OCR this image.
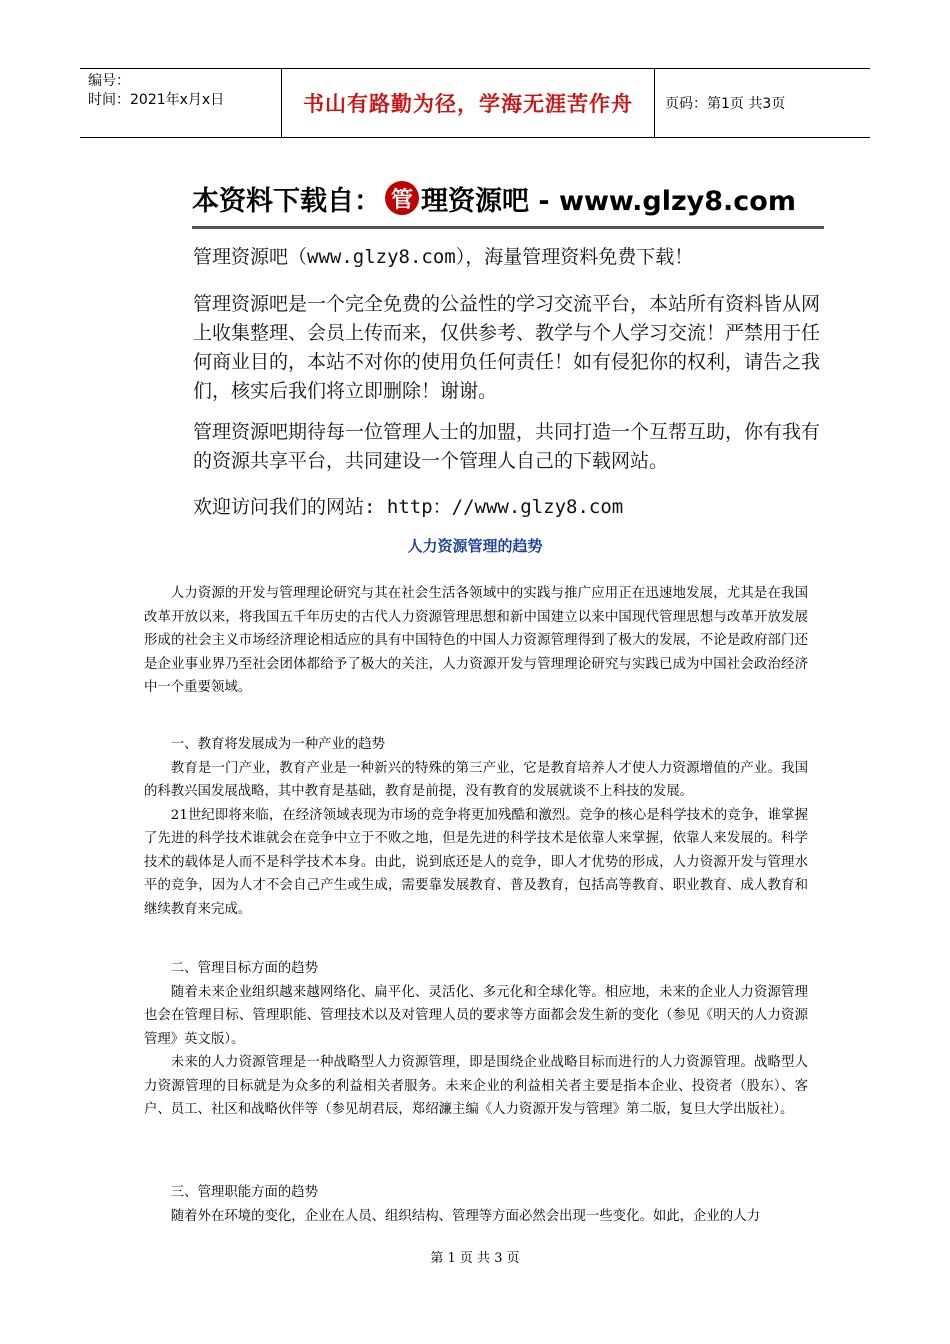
编号：
时间：2021年x月x日	书山有路勤为径，学海无涯苦作舟	页码：第1页 共3页
本资料下载自： 管 理资源吧 - www.glzy8.com

管理资源吧（www.glzy8.com），海量管理资料免费下载！

管理资源吧是一个完全免费的公益性的学习交流平台，本站所有资料皆从网上收集整理、会员上传而来，仅供参考、教学与个人学习交流！严禁用于任何商业目的，本站不对你的使用负任何责任！如有侵犯你的权利，请告之我们，核实后我们将立即删除！谢谢。

管理资源吧期待每一位管理人士的加盟，共同打造一个互帮互助，你有我有的资源共享平台，共同建设一个管理人自己的下载网站。

欢迎访问我们的网站: http：//www.glzy8.com

人力资源管理的趋势

人力资源的开发与管理理论研究与其在社会生活各领域中的实践与推广应用正在迅速地发展，尤其是在我国改革开放以来，将我国五千年历史的古代人力资源管理思想和新中国建立以来中国现代管理思想与改革开放发展形成的社会主义市场经济理论相适应的具有中国特色的中国人力资源管理得到了极大的发展，不论是政府部门还是企业事业界乃至社会团体都给予了极大的关注，人力资源开发与管理理论研究与实践已成为中国社会政治经济中一个重要领域。

一、教育将发展成为一种产业的趋势

教育是一门产业，教育产业是一种新兴的特殊的第三产业，它是教育培养人才使人力资源增值的产业。我国的科教兴国发展战略，其中教育是基础，教育是前提，没有教育的发展就谈不上科技的发展。

21世纪即将来临，在经济领域表现为市场的竞争将更加残酷和激烈。竞争的核心是科学技术的竞争，谁掌握了先进的科学技术谁就会在竞争中立于不败之地，但是先进的科学技术是依靠人来掌握，依靠人来发展的。科学技术的载体是人而不是科学技术本身。由此，说到底还是人的竞争，即人才优势的形成，人力资源开发与管理水平的竞争，因为人才不会自己产生或生成，需要靠发展教育、普及教育，包括高等教育、职业教育、成人教育和继续教育来完成。

二、管理目标方面的趋势

随着未来企业组织越来越网络化、扁平化、灵活化、多元化和全球化等。相应地，未来的企业人力资源管理也会在管理目标、管理职能、管理技术以及对管理人员的要求等方面都会发生新的变化（参见《明天的人力资源管理》英文版）。

未来的人力资源管理是一种战略型人力资源管理，即是围绕企业战略目标而进行的人力资源管理。战略型人力资源管理的目标就是为众多的利益相关者服务。未来企业的利益相关者主要是指本企业、投资者（股东）、客户、员工、社区和战略伙伴等（参见胡君辰，郑绍濂主编《人力资源开发与管理》第二版，复旦大学出版社）。

三、管理职能方面的趋势

随着外在环境的变化，企业在人员、组织结构、管理等方面必然会出现一些变化。如此，企业的人力

第 1 页 共 3 页
